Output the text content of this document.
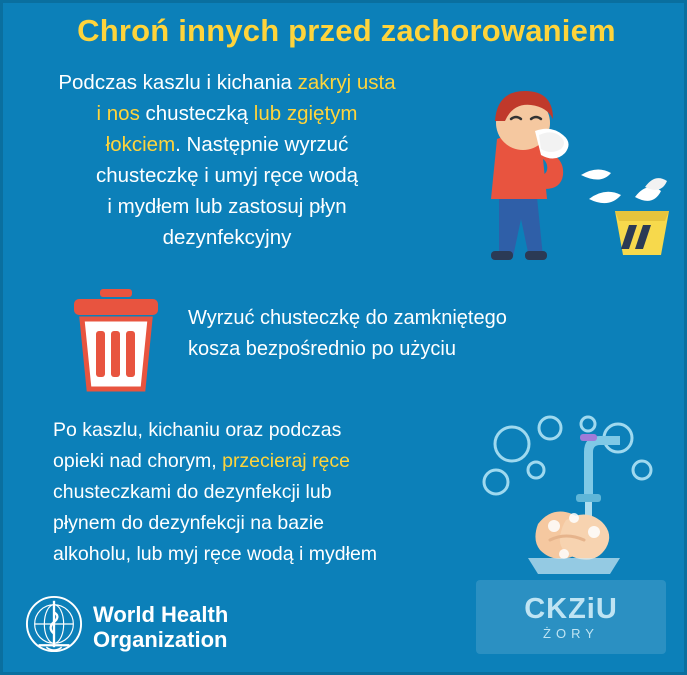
Chroń innych przed zachorowaniem
Podczas kaszlu i kichania zakryj usta
i nos chusteczką lub zgiętym
łokciem. Następnie wyrzuć
chusteczkę i umyj ręce wodą
i mydłem lub zastosuj płyn
dezynfekcyjny
Wyrzuć chusteczkę do zamkniętego
kosza bezpośrednio po użyciu
Po kaszlu, kichaniu oraz podczas
opieki nad chorym, przecieraj ręce
chusteczkami do dezynfekcji lub
płynem do dezynfekcji na bazie
alkoholu, lub myj ręce wodą i mydłem
World Health
Organization
CKZiU
ŻORY
